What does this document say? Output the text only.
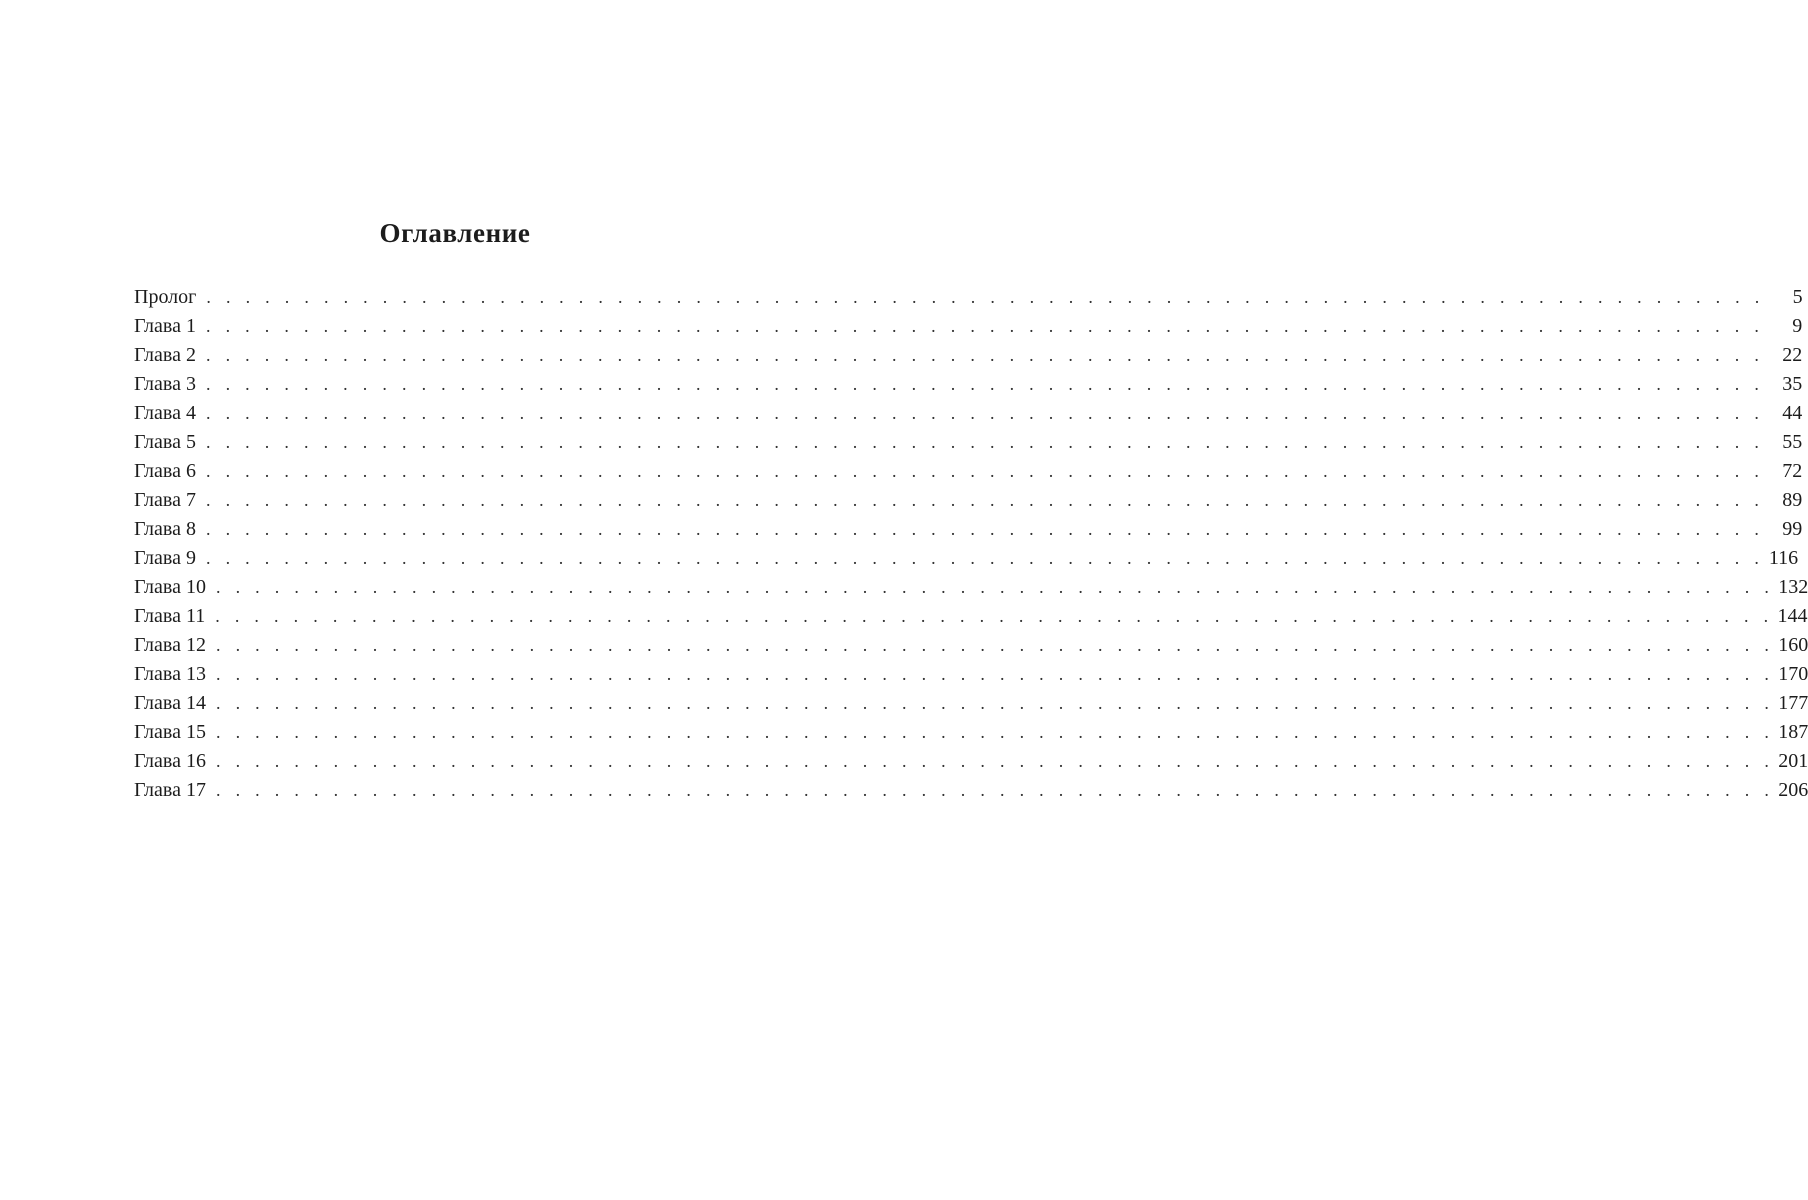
Оглавление
Пролог . . . . . . . . . . . . . . . . . . . . . . . . . . . . . . . . . . . . . . . . . . . . . . . . . . . . . . . . . . . . . . . . . . . . . . . . . . . . . . . .	5
Глава 1 . . . . . . . . . . . . . . . . . . . . . . . . . . . . . . . . . . . . . . . . . . . . . . . . . . . . . . . . . . . . . . . . . . . . . . . . . . . . . . . .	9
Глава 2 . . . . . . . . . . . . . . . . . . . . . . . . . . . . . . . . . . . . . . . . . . . . . . . . . . . . . . . . . . . . . . . . . . . . . . . . . . . . . . . . 22
Глава 3 . . . . . . . . . . . . . . . . . . . . . . . . . . . . . . . . . . . . . . . . . . . . . . . . . . . . . . . . . . . . . . . . . . . . . . . . . . . . . . . . 35
Глава 4 . . . . . . . . . . . . . . . . . . . . . . . . . . . . . . . . . . . . . . . . . . . . . . . . . . . . . . . . . . . . . . . . . . . . . . . . . . . . . . . . 44
Глава 5 . . . . . . . . . . . . . . . . . . . . . . . . . . . . . . . . . . . . . . . . . . . . . . . . . . . . . . . . . . . . . . . . . . . . . . . . . . . . . . . . 55
Глава 6 . . . . . . . . . . . . . . . . . . . . . . . . . . . . . . . . . . . . . . . . . . . . . . . . . . . . . . . . . . . . . . . . . . . . . . . . . . . . . . . . 72
Глава 7 . . . . . . . . . . . . . . . . . . . . . . . . . . . . . . . . . . . . . . . . . . . . . . . . . . . . . . . . . . . . . . . . . . . . . . . . . . . . . . . . 89
Глава 8 . . . . . . . . . . . . . . . . . . . . . . . . . . . . . . . . . . . . . . . . . . . . . . . . . . . . . . . . . . . . . . . . . . . . . . . . . . . . . . . . 99
Глава 9 . . . . . . . . . . . . . . . . . . . . . . . . . . . . . . . . . . . . . . . . . . . . . . . . . . . . . . . . . . . . . . . . . . . . . . . . . . . . . . . . 116
Глава 10 . . . . . . . . . . . . . . . . . . . . . . . . . . . . . . . . . . . . . . . . . . . . . . . . . . . . . . . . . . . . . . . . . . . . . . . . . . . . . . . . 132
Глава 11 . . . . . . . . . . . . . . . . . . . . . . . . . . . . . . . . . . . . . . . . . . . . . . . . . . . . . . . . . . . . . . . . . . . . . . . . . . . . . . . . 144
Глава 12 . . . . . . . . . . . . . . . . . . . . . . . . . . . . . . . . . . . . . . . . . . . . . . . . . . . . . . . . . . . . . . . . . . . . . . . . . . . . . . . . 160
Глава 13 . . . . . . . . . . . . . . . . . . . . . . . . . . . . . . . . . . . . . . . . . . . . . . . . . . . . . . . . . . . . . . . . . . . . . . . . . . . . . . . . 170
Глава 14 . . . . . . . . . . . . . . . . . . . . . . . . . . . . . . . . . . . . . . . . . . . . . . . . . . . . . . . . . . . . . . . . . . . . . . . . . . . . . . . . 177
Глава 15 . . . . . . . . . . . . . . . . . . . . . . . . . . . . . . . . . . . . . . . . . . . . . . . . . . . . . . . . . . . . . . . . . . . . . . . . . . . . . . . . 187
Глава 16 . . . . . . . . . . . . . . . . . . . . . . . . . . . . . . . . . . . . . . . . . . . . . . . . . . . . . . . . . . . . . . . . . . . . . . . . . . . . . . . . 201
Глава 17 . . . . . . . . . . . . . . . . . . . . . . . . . . . . . . . . . . . . . . . . . . . . . . . . . . . . . . . . . . . . . . . . . . . . . . . . . . . . . . . . 206
